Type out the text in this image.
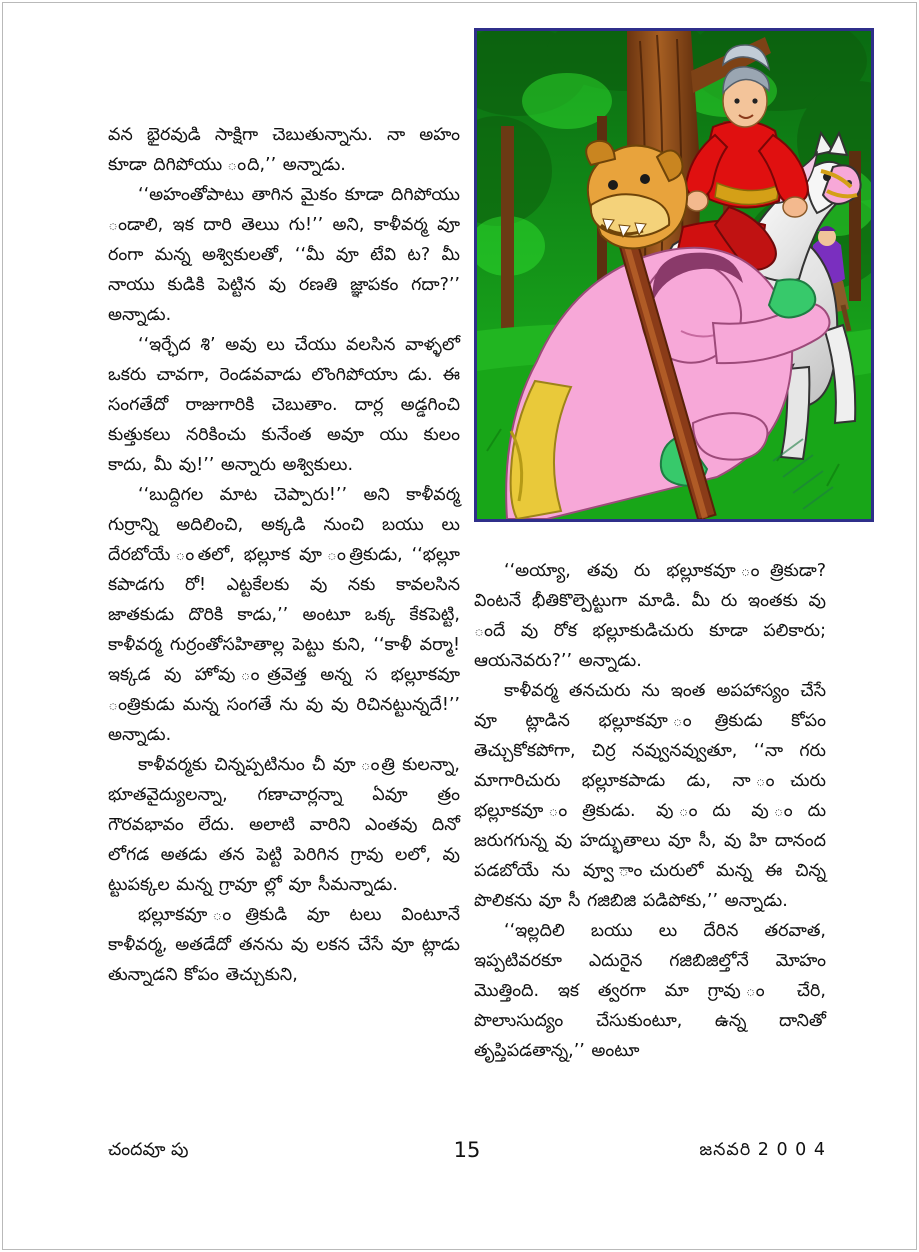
వన భైరవుడి సాక్షిగా చెబుతున్నాను. నా అహం కూడా దిగిపోయు ంది,’’ అన్నాడు.

‘‘అహంతోపాటు తాగిన మైకం కూడా దిగిపోయు ండాలి, ఇక దారి తెలుు గు!’’ అని, కాళీవర్మ వూ రంగా మన్న అశ్వికులతో, ‘‘వీు వూ టేవి ట? వీు నాయు కుడికి పెట్టిన వు రణతి జ్ఞాపకం గదా?’’ అన్నాడు.

‘‘ఇర్ఛేద శి’ అవు లు చేయు వలసిన వాళ్ళలో ఒకరు చావగా, రెండవవాడు లొంగిపోయాు డు. ఈ సంగతేదో రాజుగారికి చెబుతాం. దార్ల అడ్డగించి కుత్తుకలు నరికించు కునేంత అవూ యు కులం కాదు, వీు వు!’’ అన్నారు అశ్వికులు.

‘‘బుద్దిగల మాట చెప్పారు!’’ అని కాళీవర్మ గుర్రాన్ని అదిలించి, అక్కడి నుంచి బయు లు దేరబోయే ంతలో, భల్లూక వూ ంత్రికుడు, ‘‘భల్లూ కపాడగు రో! ఎట్టకేలకు వు నకు కావలసిన జాతకుడు దొరికి కాడు,’’ అంటూ ఒక్క కేకపెట్టి, కాళీవర్మ గుర్రంతోసహితాల్ల పెట్టు కుని, ‘‘కాళీ వర్మా! ఇక్కడ వు హోవు ంత్రవెత్త అన్న స భల్లూకవూ ంత్రికుడు మన్న సంగతే ను వు వు రిచినట్టున్నదే!’’ అన్నాడు.

కాళీవర్మకు చిన్నప్పటినుం చీ వూ ంత్రి కులన్నా, భూతవైద్యులన్నా, గణాచార్లన్నా ఏవూ త్రం గౌరవభావం లేదు. అలాటి వారిని ఎంతవు దినో లోగడ అతడు తన పెట్టి పెరిగిన గ్రావు లలో, వు ట్టుపక్కల మన్న గ్రావూ ల్లో వూ సీమన్నాడు.

భల్లూకవూ ంత్రికుడి వూ టలు వింటూనే కాళీవర్మ, అతడేదో తనను వు లకన చేసే వూ ట్లాడు తున్నాడని కోపం తెచ్చుకుని,

‘‘అయ్యా, తవు రు భల్లూకవూ ంత్రికుడా? వింటనే భీతికొల్పెట్టుగా మాడి. వీు రు ఇంతకు వు ందే వు రోక భల్లూకుడిచురు కూడా పలికారు; ఆయనెవరు?’’ అన్నాడు.

కాళీవర్మ తనచురు ను ఇంత అపహాస్యం చేసే వూ ట్లాడిన భల్లూకవూ ంత్రికుడు కోపం తెచ్చుకోకపోగా, చిర్ర నవ్వునవ్వుతూ, ‘‘నా గరు మాగారిచురు భల్లూకపాడు డు, నా ంచురు భల్లూకవూ ంత్రికుడు. వు ందు వు ందు జరుగగున్న వు హద్భుతాలు వూ సీ, వు హి దానంద పడబోయే ను వ్వూ ాంచురులో మన్న ఈ చిన్న పొలికను వూ సీ గజిబిజి పడిపోకు,’’ అన్నాడు.

‘‘ఇల్లదిలి బయు లు దేరిన తరవాత, ఇప్పటివరకూ ఎదురైన గజిబిజిల్తోనే మోహం మొత్తింది. ఇక త్వరగా మా గ్రావు ం చేరి, పొలాుసుద్యం చేసుకుంటూ, ఉన్న దానితో తృప్తిపడతాన్న,’’ అంటూ

చందవూ పు	15	జనవరి 2 0 0 4
